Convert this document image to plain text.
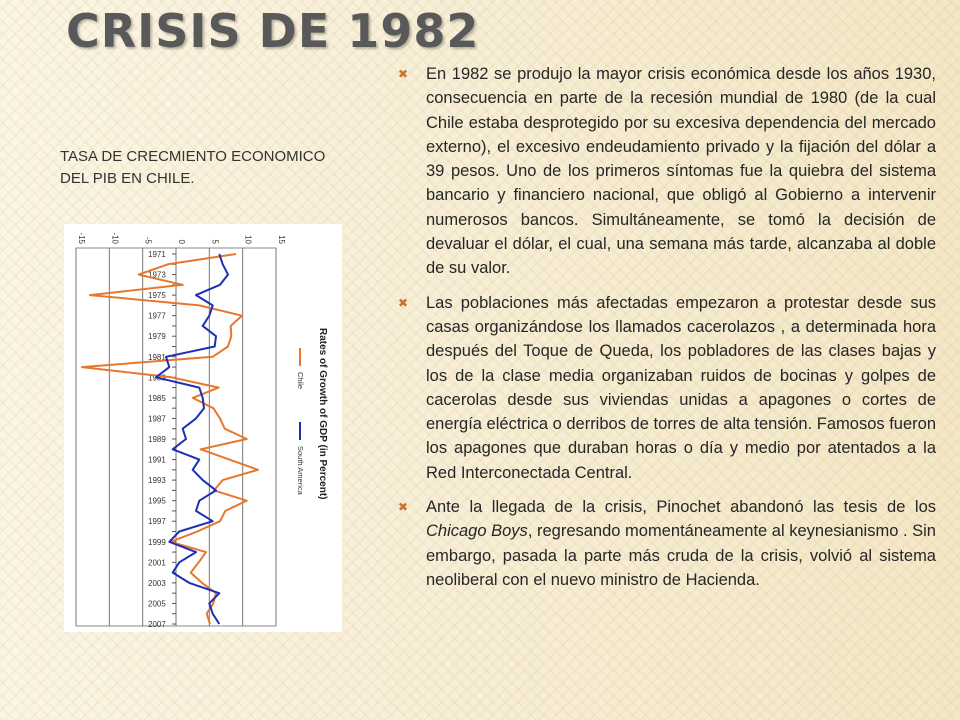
CRISIS DE 1982
TASA DE CRECMIENTO ECONOMICO DEL PIB EN CHILE.
-15	-10	-5	0	5	10	15
1971
1973
1975
1977
1979
1981
1983
1985
1987
1989
1991
1993
1995
1997
1999
2001
2003
2005
2007
Rates of Growth of GDP (in Percent)
Chile
South America
✖ En 1982 se produjo la mayor crisis económica desde los años 1930, consecuencia en parte de la recesión mundial de 1980 (de la cual Chile estaba desprotegido por su excesiva dependencia del mercado externo), el excesivo endeudamiento privado y la fijación del dólar a 39 pesos. Uno de los primeros síntomas fue la quiebra del sistema bancario y financiero nacional, que obligó al Gobierno a intervenir numerosos bancos. Simultáneamente, se tomó la decisión de devaluar el dólar, el cual, una semana más tarde, alcanzaba al doble de su valor.
✖ Las poblaciones más afectadas empezaron a protestar desde sus casas organizándose los llamados cacerolazos , a determinada hora después del Toque de Queda, los pobladores de las clases bajas y los de la clase media organizaban ruidos de bocinas y golpes de cacerolas desde sus viviendas unidas a apagones o cortes de energía eléctrica o derribos de torres de alta tensión. Famosos fueron los apagones que duraban horas o día y medio por atentados a la Red Interconectada Central.
✖ Ante la llegada de la crisis, Pinochet abandonó las tesis de los Chicago Boys, regresando momentáneamente al keynesianismo . Sin embargo, pasada la parte más cruda de la crisis, volvió al sistema neoliberal con el nuevo ministro de Hacienda.
